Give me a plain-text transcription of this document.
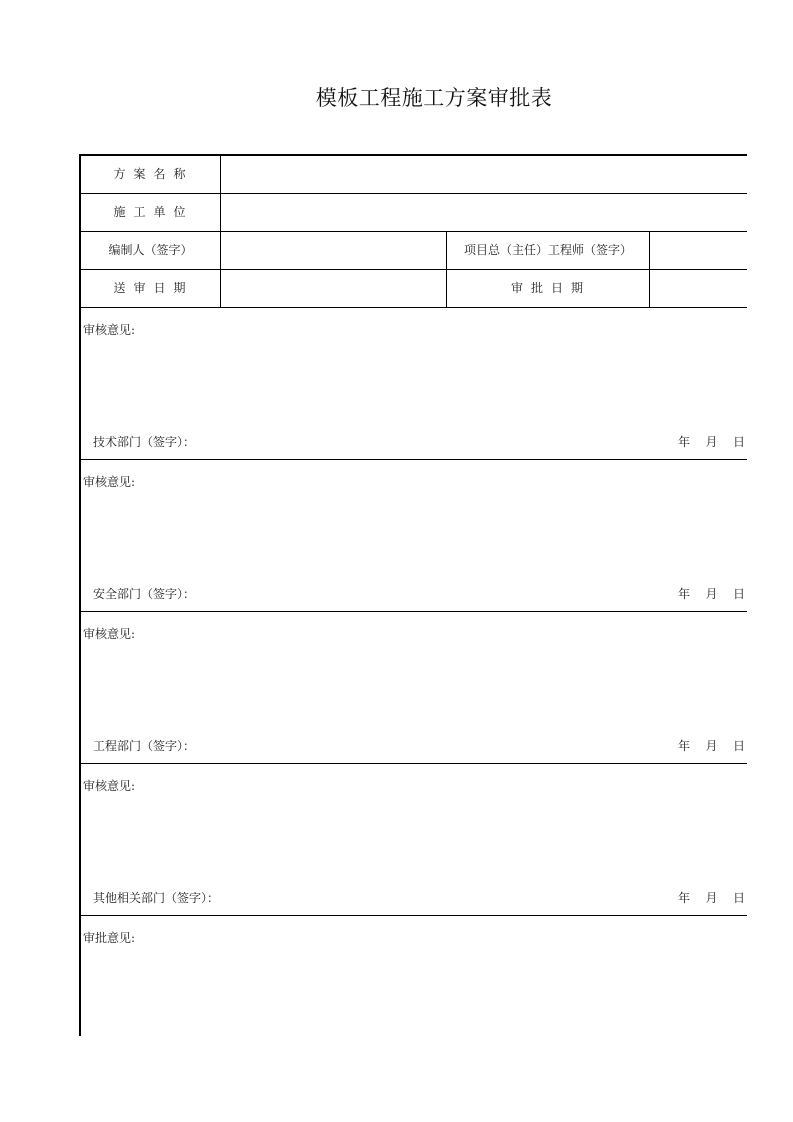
模板工程施工方案审批表
方案名称
施工单位
编制人（签字）	项目总（主任）工程师（签字）
送审日期	审批日期
审核意见:
技术部门（签字）：	年	月	日
审核意见:
安全部门（签字）：	年	月	日
审核意见:
工程部门（签字）：	年	月	日
审核意见:
其他相关部门（签字）：	年	月	日
审批意见:
